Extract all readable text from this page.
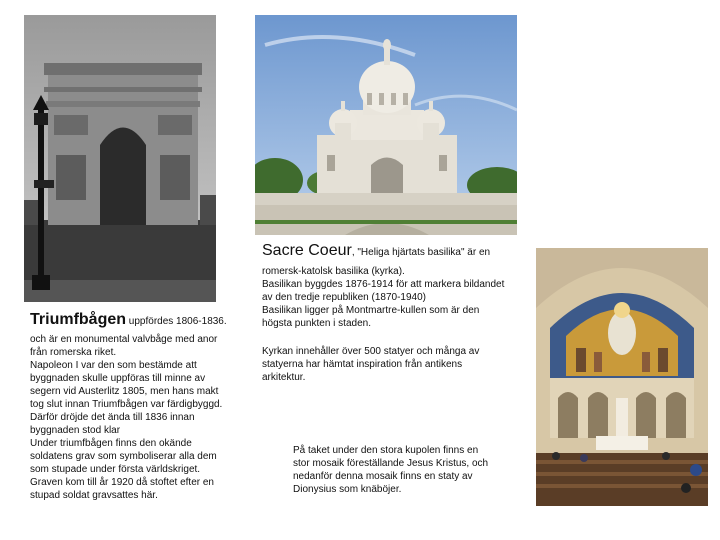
Sacre Coeur, "Heliga hjärtats basilika" är en

romersk-katolsk basilika (kyrka).

Basilikan byggdes 1876-1914 för att markera bildandet

av den tredje republiken (1870-1940)

Basilikan ligger på Montmartre-kullen som är den

högsta punkten i staden.

Kyrkan innehåller över 500 statyer och många av

statyerna har hämtat inspiration från antikens

arkitektur.

På taket under den stora kupolen finns en

stor mosaik föreställande Jesus Kristus, och

nedanför denna mosaik finns en staty av

Dionysius som knäböjer.

Triumfbågen uppfördes 1806-1836.

och är en monumental valvbåge med anor

från romerska riket.

Napoleon I var den som bestämde att

byggnaden skulle uppföras till minne av

segern vid Austerlitz 1805, men hans makt

tog slut innan Triumfbågen var färdigbyggd.

Därför dröjde det ända till 1836 innan

byggnaden stod klar

Under triumfbågen finns den okände

soldatens grav som symboliserar alla dem

som stupade under första världskriget.

Graven kom till år 1920 då stoftet efter en

stupad soldat gravsattes här.
